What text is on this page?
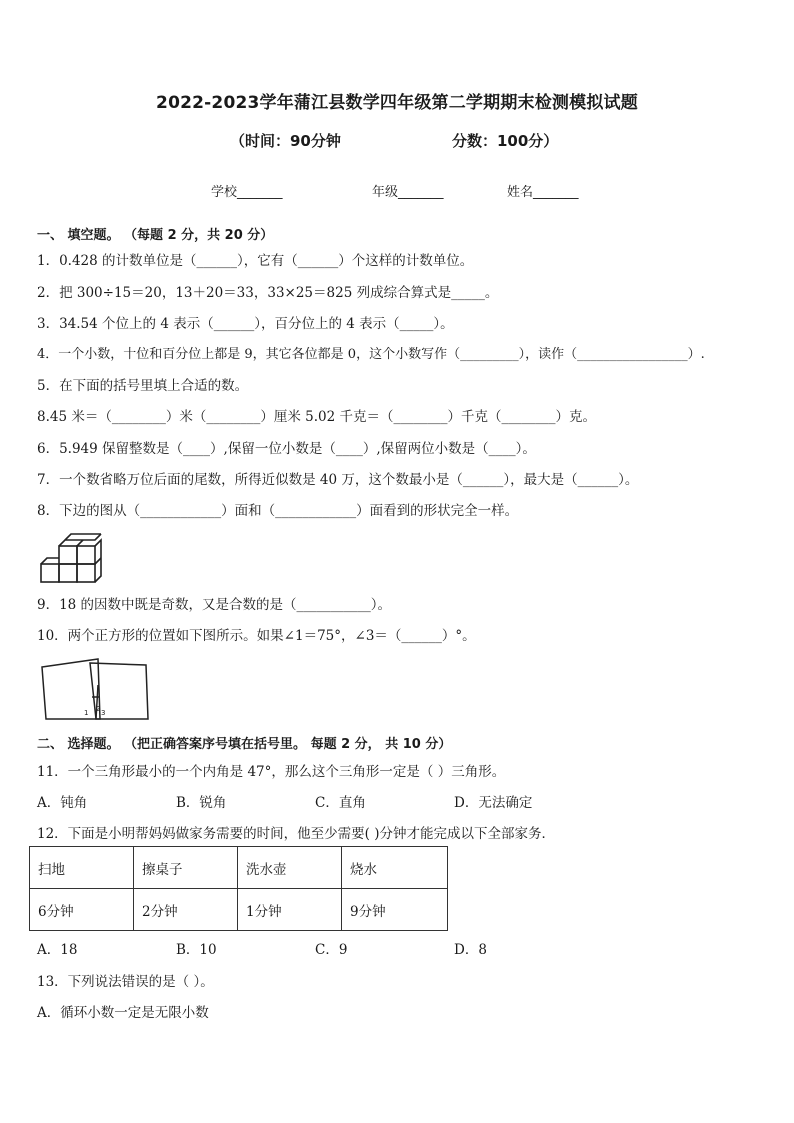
2022-2023学年蒲江县数学四年级第二学期期末检测模拟试题
（时间：90分钟	分数：100分）
学校_______	年级_______	姓名_______
一、 填空题。 （每题 2 分，共 20 分）
1．0.428 的计数单位是（______），它有（______）个这样的计数单位。
2．把 300÷15＝20，13＋20＝33，33×25＝825 列成综合算式是_____。
3．34.54 个位上的 4 表示（______），百分位上的 4 表示（_____）。
4．一个小数，十位和百分位上都是 9，其它各位都是 0，这个小数写作（_________），读作（_________________）.
5．在下面的括号里填上合适的数。
8.45 米＝（________）米（________）厘米 5.02 千克＝（________）千克（________）克。
6．5.949 保留整数是（____）,保留一位小数是（____）,保留两位小数是（____）。
7．一个数省略万位后面的尾数，所得近似数是 40 万，这个数最小是（______），最大是（______）。
8．下边的图从（____________）面和（____________）面看到的形状完全一样。
9．18 的因数中既是奇数，又是合数的是（___________）。
10．两个正方形的位置如下图所示。如果∠1＝75°，∠3＝（______）°。
1 2 3
二、 选择题。 （把正确答案序号填在括号里。 每题 2 分， 共 10 分）
11．一个三角形最小的一个内角是 47°，那么这个三角形一定是（ ）三角形。
A．钝角	B．锐角	C．直角	D．无法确定
12．下面是小明帮妈妈做家务需要的时间，他至少需要( )分钟才能完成以下全部家务．
扫地	擦桌子	洗水壶	烧水
6分钟	2分钟	1分钟	9分钟
A．18	B．10	C．9	D．8
13．下列说法错误的是（ ）。
A．循环小数一定是无限小数
